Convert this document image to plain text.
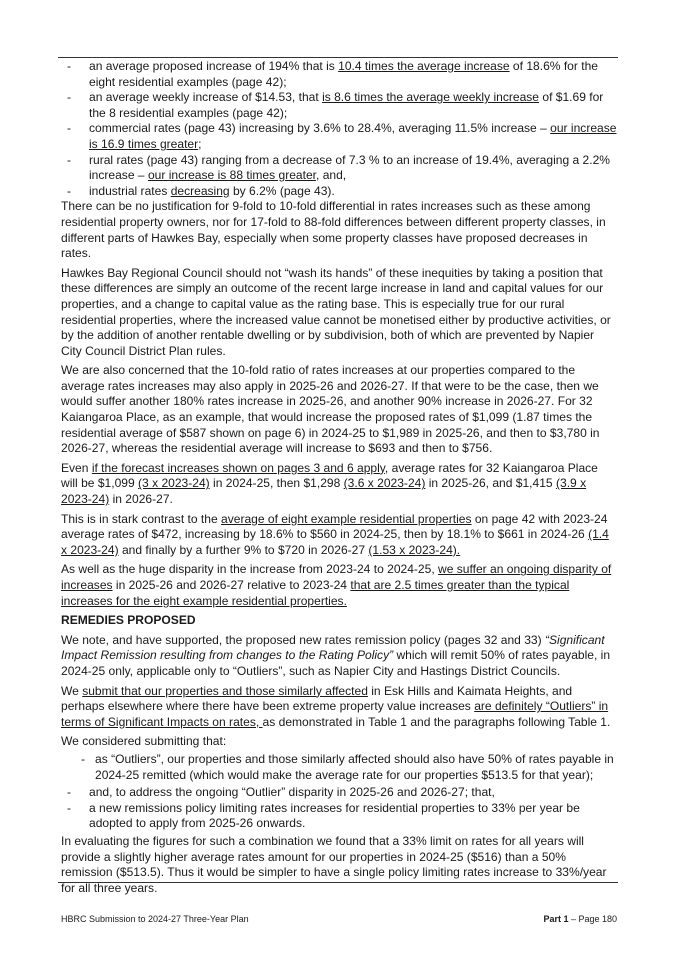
-	an average proposed increase of 194% that is 10.4 times the average increase of 18.6% for the eight residential examples (page 42);
-	an average weekly increase of $14.53, that is 8.6 times the average weekly increase of $1.69 for the 8 residential examples (page 42);
-	commercial rates (page 43) increasing by 3.6% to 28.4%, averaging 11.5% increase – our increase is 16.9 times greater;
-	rural rates (page 43) ranging from a decrease of 7.3 % to an increase of 19.4%, averaging a 2.2% increase – our increase is 88 times greater, and,
-	industrial rates decreasing by 6.2% (page 43).

There can be no justification for 9-fold to 10-fold differential in rates increases such as these among residential property owners, nor for 17-fold to 88-fold differences between different property classes, in different parts of Hawkes Bay, especially when some property classes have proposed decreases in rates.

Hawkes Bay Regional Council should not “wash its hands” of these inequities by taking a position that these differences are simply an outcome of the recent large increase in land and capital values for our properties, and a change to capital value as the rating base. This is especially true for our rural residential properties, where the increased value cannot be monetised either by productive activities, or by the addition of another rentable dwelling or by subdivision, both of which are prevented by Napier City Council District Plan rules.

We are also concerned that the 10-fold ratio of rates increases at our properties compared to the average rates increases may also apply in 2025-26 and 2026-27. If that were to be the case, then we would suffer another 180% rates increase in 2025-26, and another 90% increase in 2026-27. For 32 Kaiangaroa Place, as an example, that would increase the proposed rates of $1,099 (1.87 times the residential average of $587 shown on page 6) in 2024-25 to $1,989 in 2025-26, and then to $3,780 in 2026-27, whereas the residential average will increase to $693 and then to $756.

Even if the forecast increases shown on pages 3 and 6 apply, average rates for 32 Kaiangaroa Place will be $1,099 (3 x 2023-24) in 2024-25, then $1,298 (3.6 x 2023-24) in 2025-26, and $1,415 (3.9 x 2023-24) in 2026-27.

This is in stark contrast to the average of eight example residential properties on page 42 with 2023-24 average rates of $472, increasing by 18.6% to $560 in 2024-25, then by 18.1% to $661 in 2024-26 (1.4 x 2023-24) and finally by a further 9% to $720 in 2026-27 (1.53 x 2023-24).

As well as the huge disparity in the increase from 2023-24 to 2024-25, we suffer an ongoing disparity of increases in 2025-26 and 2026-27 relative to 2023-24 that are 2.5 times greater than the typical increases for the eight example residential properties.

REMEDIES PROPOSED

We note, and have supported, the proposed new rates remission policy (pages 32 and 33) “Significant Impact Remission resulting from changes to the Rating Policy” which will remit 50% of rates payable, in 2024-25 only, applicable only to “Outliers”, such as Napier City and Hastings District Councils.

We submit that our properties and those similarly affected in Esk Hills and Kaimata Heights, and perhaps elsewhere where there have been extreme property value increases are definitely “Outliers” in terms of Significant Impacts on rates, as demonstrated in Table 1 and the paragraphs following Table 1.

We considered submitting that:

- as “Outliers”, our properties and those similarly affected should also have 50% of rates payable in 2024-25 remitted (which would make the average rate for our properties $513.5 for that year);
-	and, to address the ongoing “Outlier” disparity in 2025-26 and 2026-27; that,
-	a new remissions policy limiting rates increases for residential properties to 33% per year be adopted to apply from 2025-26 onwards.

In evaluating the figures for such a combination we found that a 33% limit on rates for all years will provide a slightly higher average rates amount for our properties in 2024-25 ($516) than a 50% remission ($513.5). Thus it would be simpler to have a single policy limiting rates increase to 33%/year for all three years.

HBRC Submission to 2024-27 Three-Year Plan	Part 1 – Page 180
